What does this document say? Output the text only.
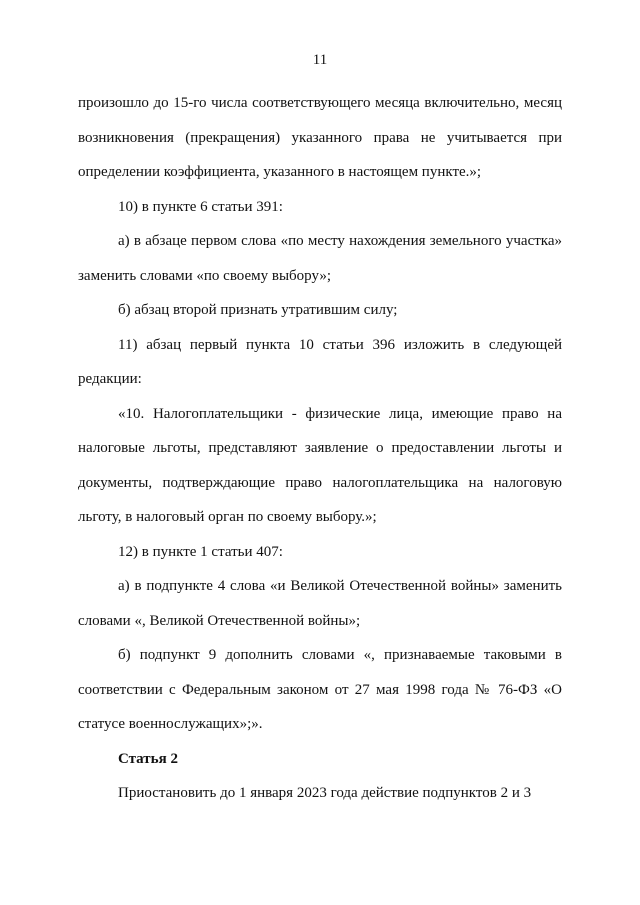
11

произошло до 15-го числа соответствующего месяца включительно, месяц возникновения (прекращения) указанного права не учитывается при определении коэффициента, указанного в настоящем пункте.»;

10) в пункте 6 статьи 391:

а) в абзаце первом слова «по месту нахождения земельного участка» заменить словами «по своему выбору»;

б) абзац второй признать утратившим силу;

11) абзац первый пункта 10 статьи 396 изложить в следующей редакции:

«10. Налогоплательщики - физические лица, имеющие право на налоговые льготы, представляют заявление о предоставлении льготы и документы, подтверждающие право налогоплательщика на налоговую льготу, в налоговый орган по своему выбору.»;

12) в пункте 1 статьи 407:

а) в подпункте 4 слова «и Великой Отечественной войны» заменить словами «, Великой Отечественной войны»;

б) подпункт 9 дополнить словами «, признаваемые таковыми в соответствии с Федеральным законом от 27 мая 1998 года № 76-ФЗ «О статусе военнослужащих»;».

Статья 2

Приостановить до 1 января 2023 года действие подпунктов 2 и 3
